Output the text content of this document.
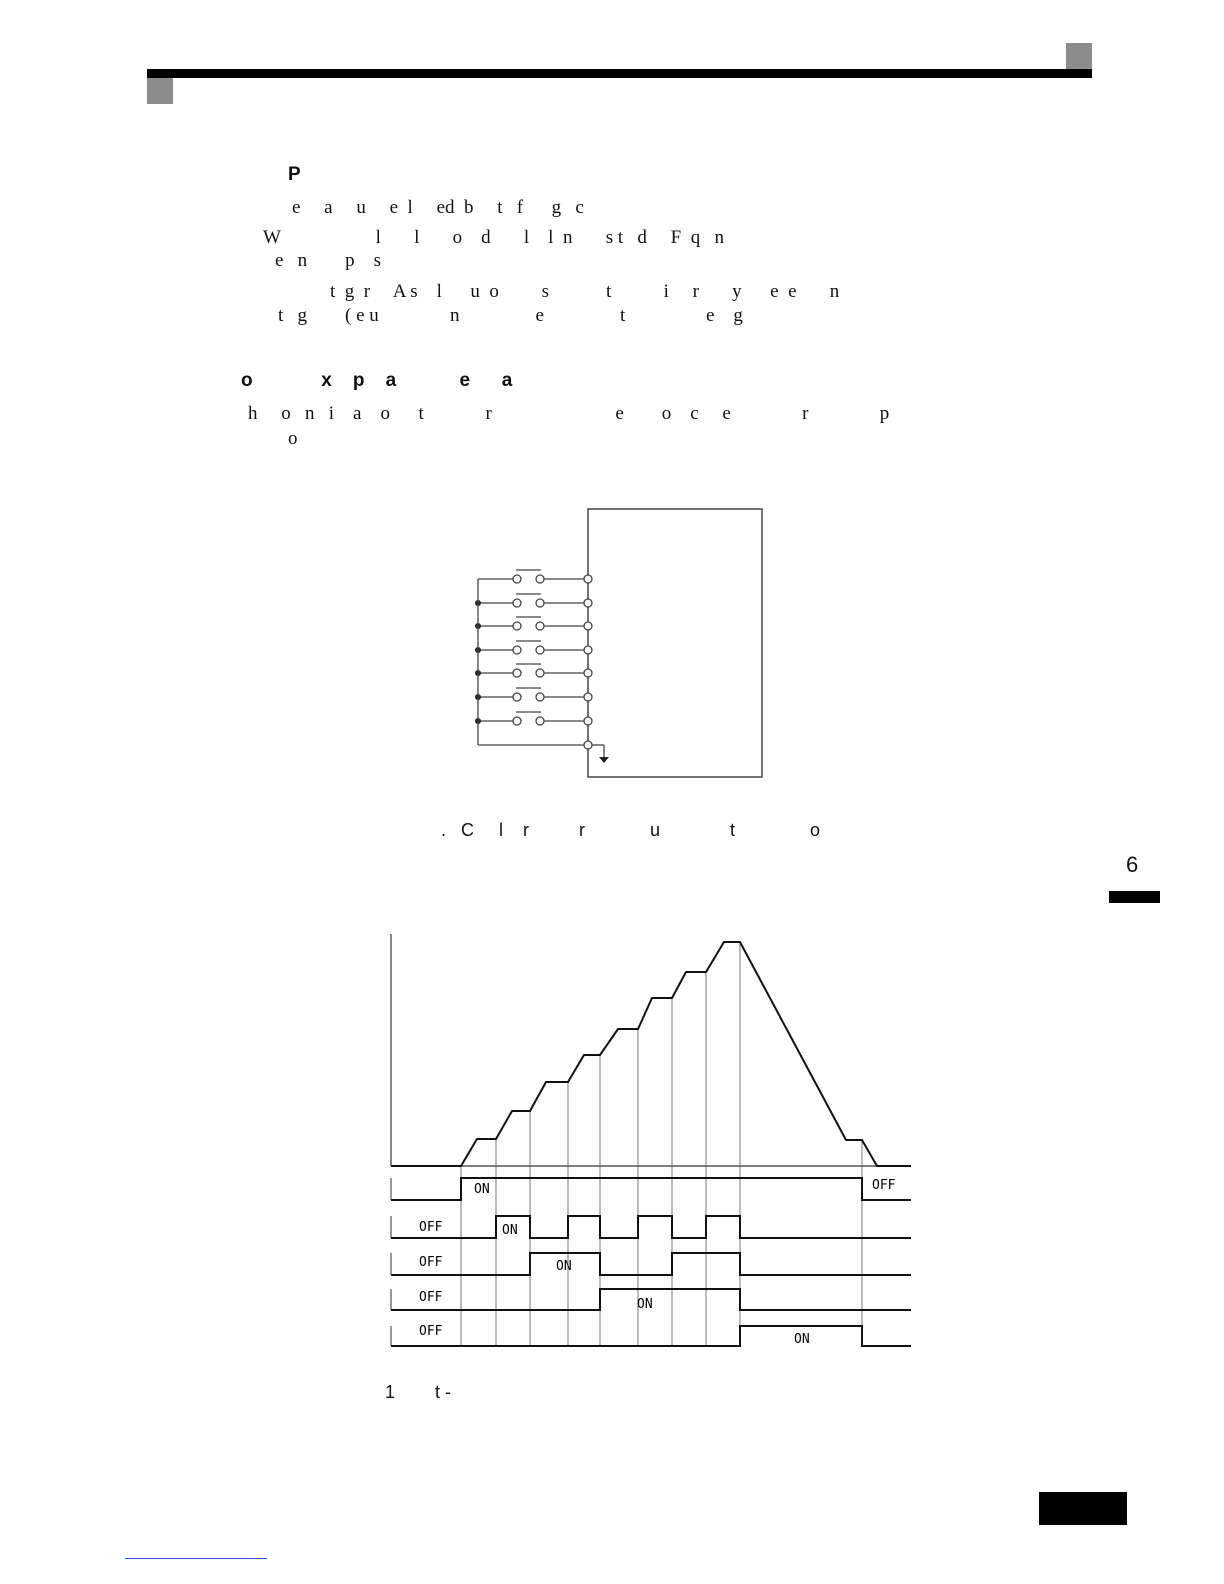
P
e     a     u     e  l     ed  b     t   f      g   c
W                    l       l       o    d       l    l  n       s t   d     F  q   n
e   n        p    s
t  g  r     A s    l      u  o         s            t           i     r       y      e  e       n
t   g        ( e u               n                e                t                 e    g
o             x    p    a            e      a
h     o   n   i    a    o      t             r                          e        o    c     e               r               p
o
.   C     l    r          r             u              t               o
6
ON	OFF
OFF	ON
OFF	ON
OFF	ON
OFF
ON
1        t -
